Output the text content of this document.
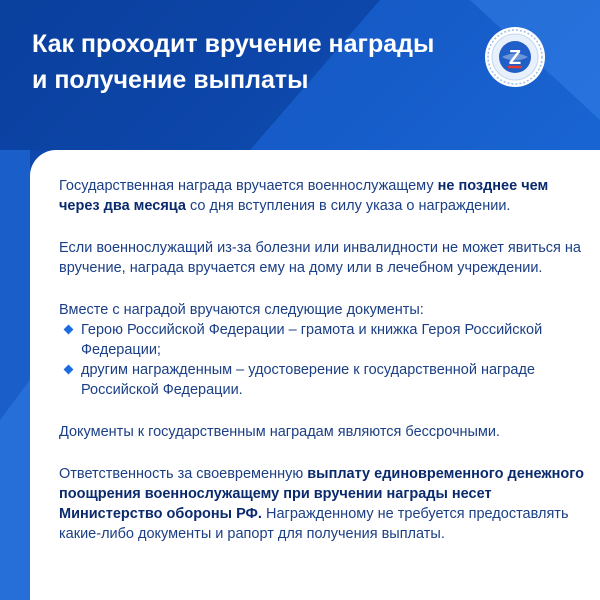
Как проходит вручение награды
и получение выплаты
Z

Государственная награда вручается военнослужащему не позднее чем через два месяца со дня вступления в силу указа о награждении.

Если военнослужащий из-за болезни или инвалидности не может явиться на вручение, награда вручается ему на дому или в лечебном учреждении.

Вместе с наградой вручаются следующие документы:
Герою Российской Федерации – грамота и книжка Героя Российской Федерации;
другим награжденным – удостоверение к государственной награде Российской Федерации.

Документы к государственным наградам являются бессрочными.

Ответственность за своевременную выплату единовременного денежного поощрения военнослужащему при вручении награды несет Министерство обороны РФ. Награжденному не требуется предоставлять какие-либо документы и рапорт для получения выплаты.
